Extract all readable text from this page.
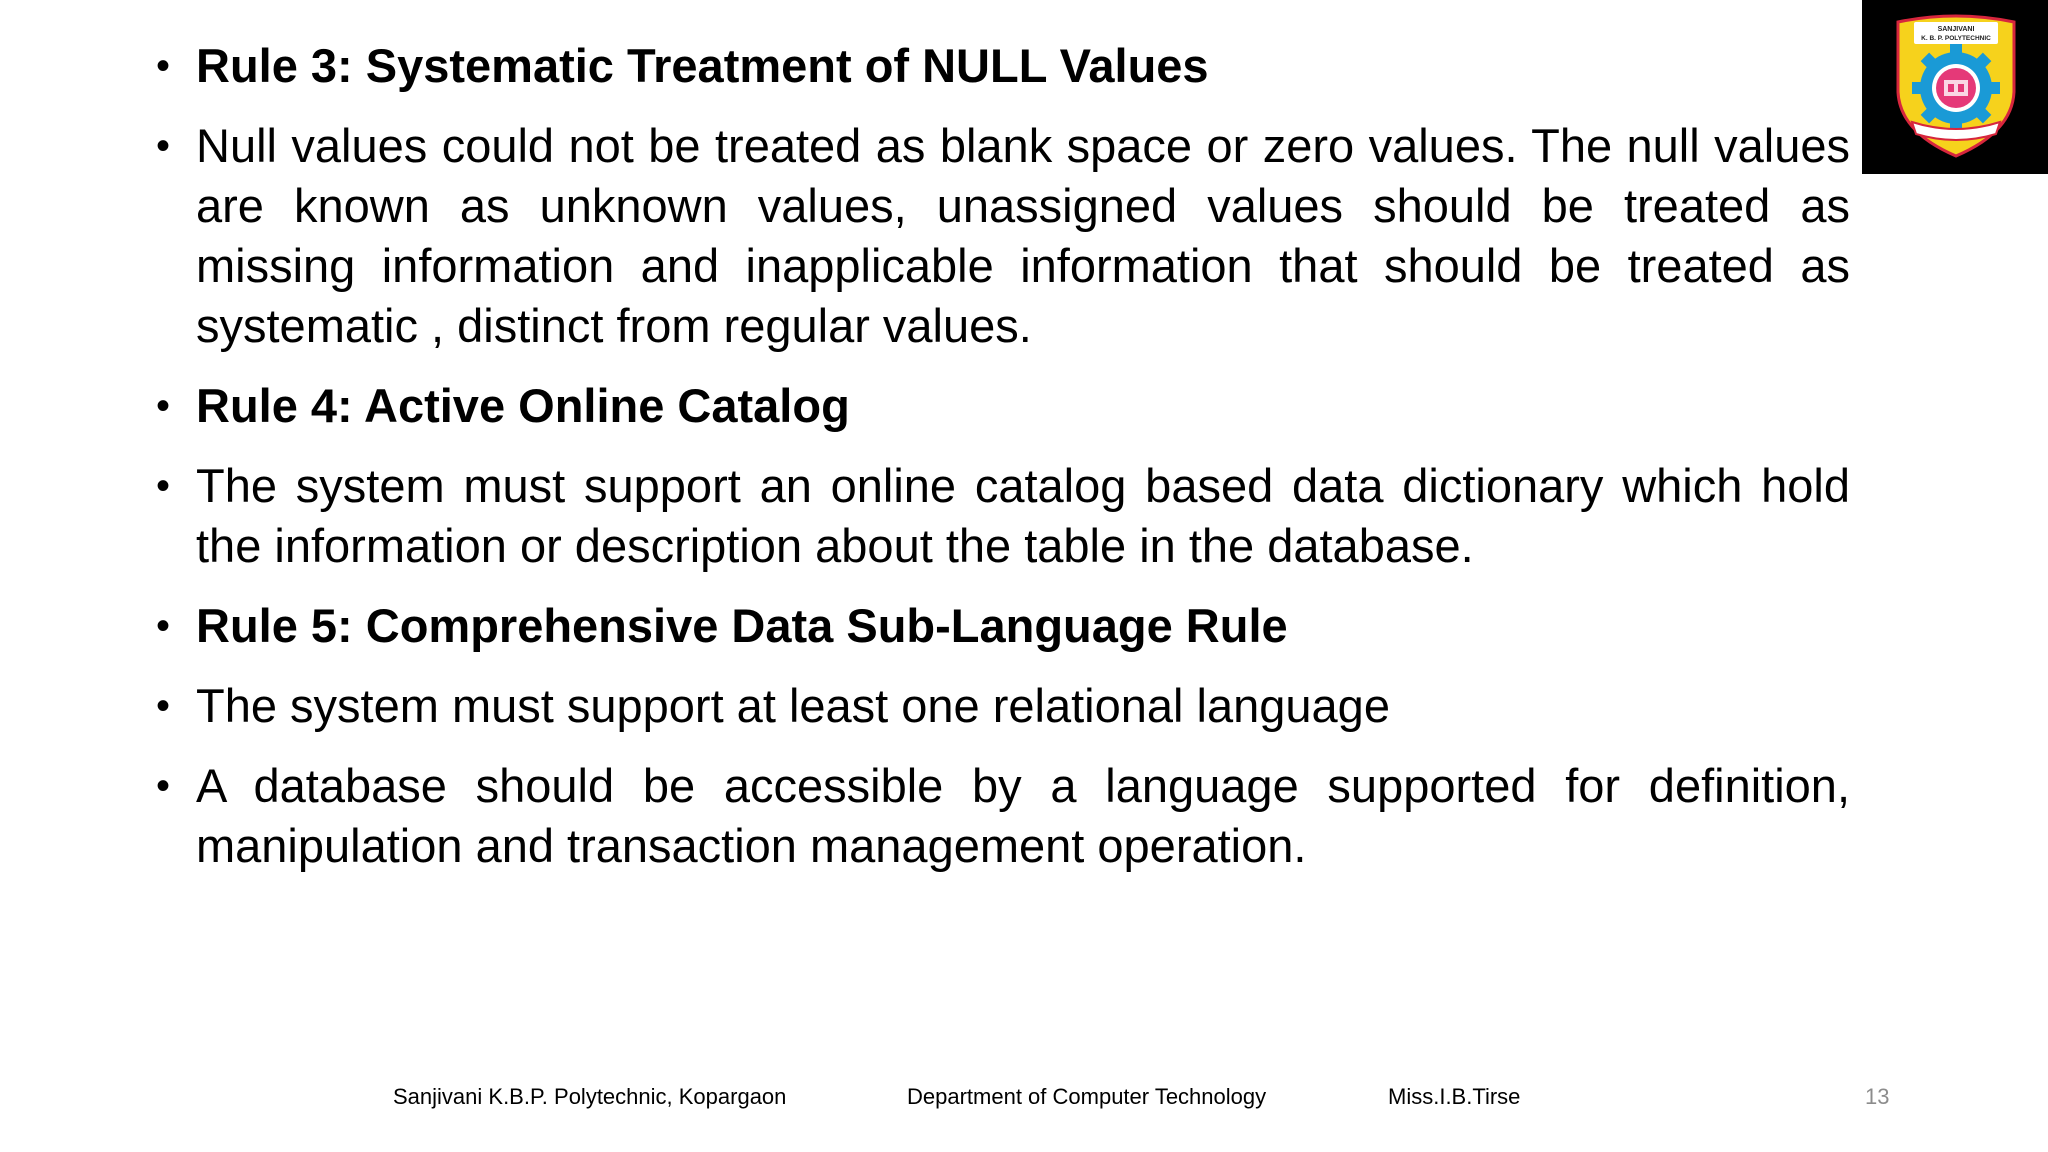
SANJIVANI
K. B. P. POLYTECHNIC
• Rule 3: Systematic Treatment of NULL Values
• Null values could not be treated as blank space or zero values. The null values are known as unknown values, unassigned values should be treated as missing information and inapplicable information that should be treated as systematic , distinct from regular values.
• Rule 4: Active Online Catalog
• The system must support an online catalog based data dictionary which hold the information or description about the table in the database.
• Rule 5: Comprehensive Data Sub-Language Rule
• The system must support at least one relational language
• A database should be accessible by a language supported for definition, manipulation and transaction management operation.
Sanjivani K.B.P. Polytechnic, Kopargaon	Department of Computer Technology	Miss.I.B.Tirse	13
